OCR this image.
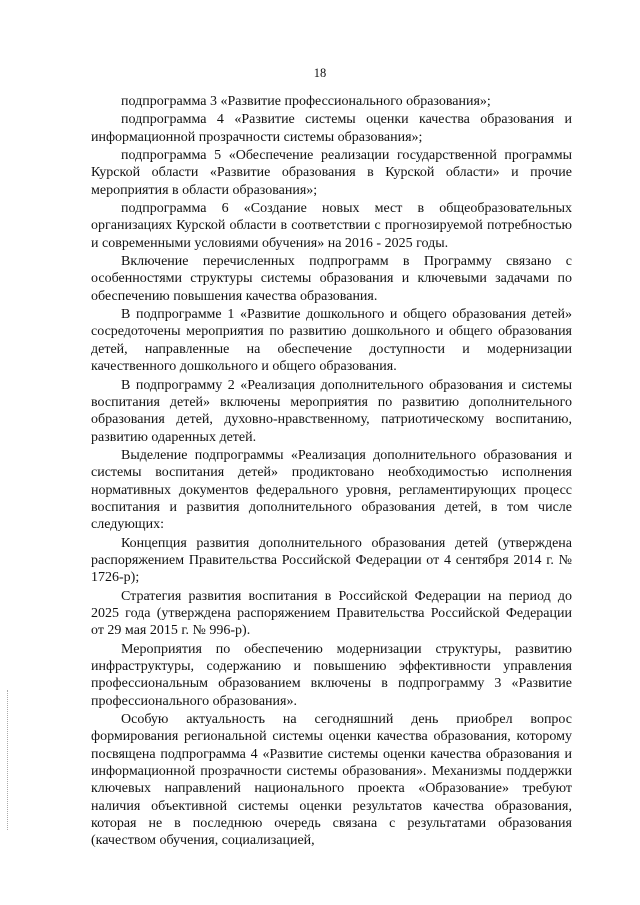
18

подпрограмма 3 «Развитие профессионального образования»;

подпрограмма 4 «Развитие системы оценки качества образования и информационной прозрачности системы образования»;

подпрограмма 5 «Обеспечение реализации государственной программы Курской области «Развитие образования в Курской области» и прочие мероприятия в области образования»;

подпрограмма 6 «Создание новых мест в общеобразовательных организациях Курской области в соответствии с прогнозируемой потребностью и современными условиями обучения» на 2016 - 2025 годы.

Включение перечисленных подпрограмм в Программу связано с особенностями структуры системы образования и ключевыми задачами по обеспечению повышения качества образования.

В подпрограмме 1 «Развитие дошкольного и общего образования детей» сосредоточены мероприятия по развитию дошкольного и общего образования детей, направленные на обеспечение доступности и модернизации качественного дошкольного и общего образования.

В подпрограмму 2 «Реализация дополнительного образования и системы воспитания детей» включены мероприятия по развитию дополнительного образования детей, духовно-нравственному, патриотическому воспитанию, развитию одаренных детей.

Выделение подпрограммы «Реализация дополнительного образования и системы воспитания детей» продиктовано необходимостью исполнения нормативных документов федерального уровня, регламентирующих процесс воспитания и развития дополнительного образования детей, в том числе следующих:

Концепция развития дополнительного образования детей (утверждена распоряжением Правительства Российской Федерации от 4 сентября 2014 г. № 1726-р);

Стратегия развития воспитания в Российской Федерации на период до 2025 года (утверждена распоряжением Правительства Российской Федерации от 29 мая 2015 г. № 996-р).

Мероприятия по обеспечению модернизации структуры, развитию инфраструктуры, содержанию и повышению эффективности управления профессиональным образованием включены в подпрограмму 3 «Развитие профессионального образования».

Особую актуальность на сегодняшний день приобрел вопрос формирования региональной системы оценки качества образования, которому посвящена подпрограмма 4 «Развитие системы оценки качества образования и информационной прозрачности системы образования». Механизмы поддержки ключевых направлений национального проекта «Образование» требуют наличия объективной системы оценки результатов качества образования, которая не в последнюю очередь связана с результатами образования (качеством обучения, социализацией,
